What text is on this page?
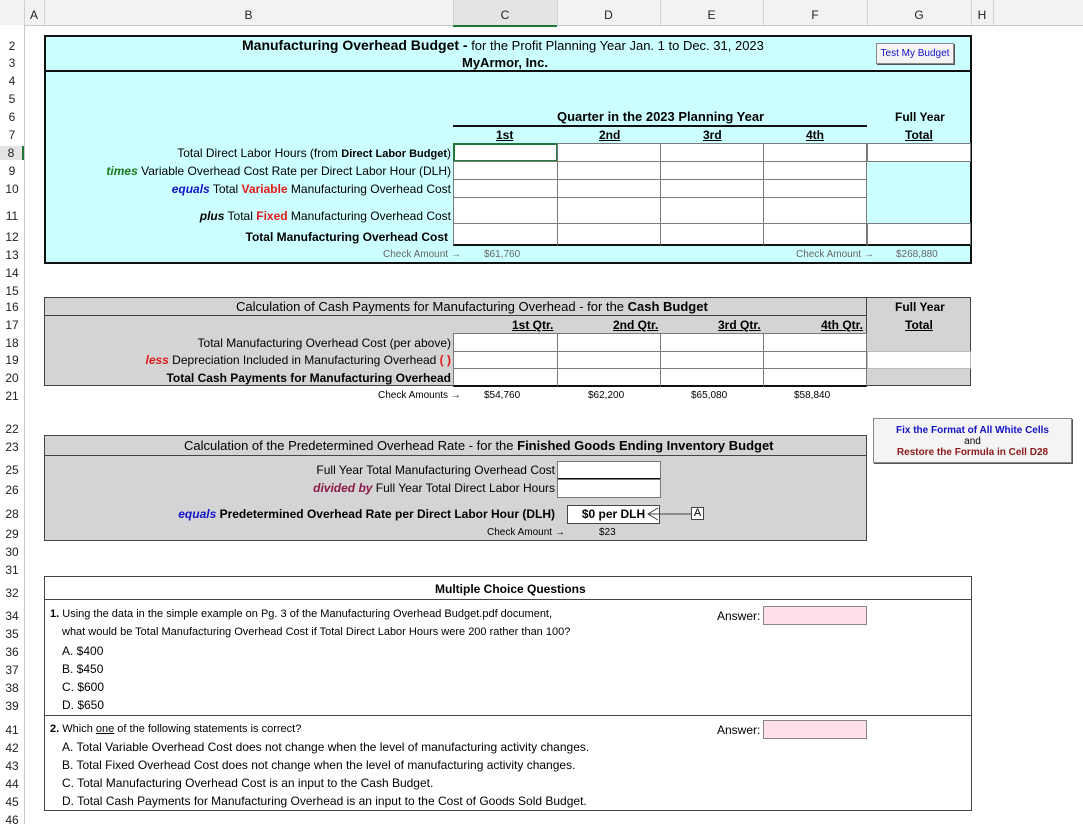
A	B	C	D	E	F	G	H
2
3
4
5
6
7
8
9
10
11
12
13
14
15
16
17
18
19
20
21
22
23
25
26
28
29
30
31
32
34
35
36
37
38
39
41
42
43
44
45
46
Manufacturing Overhead Budget - for the Profit Planning Year Jan. 1 to Dec. 31, 2023
MyArmor, Inc.
Test My Budget
Quarter in the 2023 Planning Year	Full Year
Total
1st	2nd	3rd	4th
Total Direct Labor Hours (from Direct Labor Budget)
times Variable Overhead Cost Rate per Direct Labor Hour (DLH)
equals Total Variable Manufacturing Overhead Cost
plus Total Fixed Manufacturing Overhead Cost
Total Manufacturing Overhead Cost
Check Amount → $61,760	Check Amount → $268,880
Calculation of Cash Payments for Manufacturing Overhead - for the Cash Budget	Full Year
Total
1st Qtr.	2nd Qtr.	3rd Qtr.	4th Qtr.
Total Manufacturing Overhead Cost (per above)
less Depreciation Included in Manufacturing Overhead ( )
Total Cash Payments for Manufacturing Overhead
Check Amounts → $54,760	$62,200	$65,080	$58,840
Fix the Format of All White Cells
and
Restore the Formula in Cell D28
Calculation of the Predetermined Overhead Rate - for the Finished Goods Ending Inventory Budget
Full Year Total Manufacturing Overhead Cost
divided by Full Year Total Direct Labor Hours
equals Predetermined Overhead Rate per Direct Labor Hour (DLH)	$0 per DLH	A
Check Amount →	$23
Multiple Choice Questions
1. Using the data in the simple example on Pg. 3 of the Manufacturing Overhead Budget.pdf document,
what would be Total Manufacturing Overhead Cost if Total Direct Labor Hours were 200 rather than 100?
A. $400
B. $450
C. $600
D. $650
Answer:
2. Which one of the following statements is correct?
A. Total Variable Overhead Cost does not change when the level of manufacturing activity changes.
B. Total Fixed Overhead Cost does not change when the level of manufacturing activity changes.
C. Total Manufacturing Overhead Cost is an input to the Cash Budget.
D. Total Cash Payments for Manufacturing Overhead is an input to the Cost of Goods Sold Budget.
Answer:
